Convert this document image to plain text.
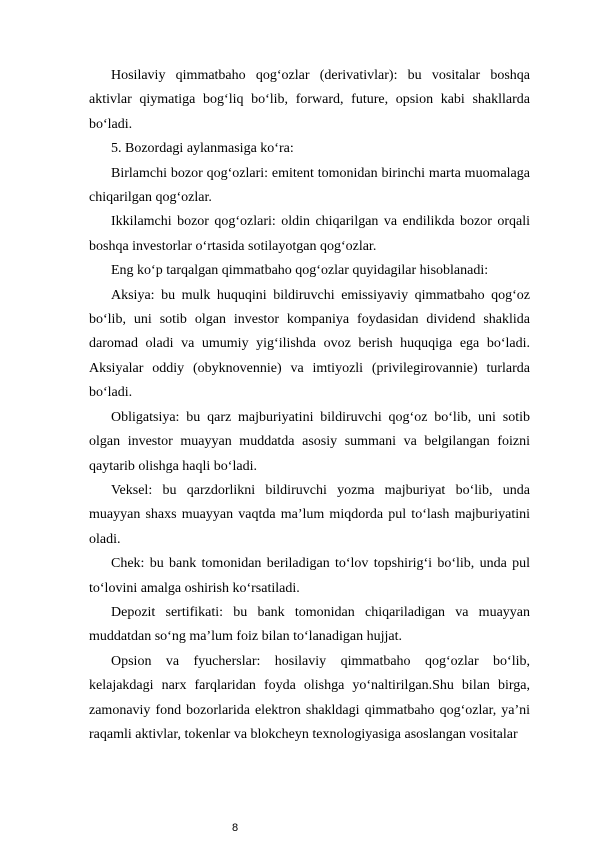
Hosilaviy qimmatbaho qog‘ozlar (derivativlar): bu vositalar boshqa aktivlar qiymatiga bog‘liq bo‘lib, forward, future, opsion kabi shakllarda bo‘ladi.

5. Bozordagi aylanmasiga ko‘ra:

Birlamchi bozor qog‘ozlari: emitent tomonidan birinchi marta muomalaga chiqarilgan qog‘ozlar.

Ikkilamchi bozor qog‘ozlari: oldin chiqarilgan va endilikda bozor orqali boshqa investorlar o‘rtasida sotilayotgan qog‘ozlar.

Eng ko‘p tarqalgan qimmatbaho qog‘ozlar quyidagilar hisoblanadi:

Aksiya: bu mulk huquqini bildiruvchi emissiyaviy qimmatbaho qog‘oz bo‘lib, uni sotib olgan investor kompaniya foydasidan dividend shaklida daromad oladi va umumiy yig‘ilishda ovoz berish huquqiga ega bo‘ladi. Aksiyalar oddiy (obyknovennie) va imtiyozli (privilegirovannie) turlarda bo‘ladi.

Obligatsiya: bu qarz majburiyatini bildiruvchi qog‘oz bo‘lib, uni sotib olgan investor muayyan muddatda asosiy summani va belgilangan foizni qaytarib olishga haqli bo‘ladi.

Veksel: bu qarzdorlikni bildiruvchi yozma majburiyat bo‘lib, unda muayyan shaxs muayyan vaqtda ma’lum miqdorda pul to‘lash majburiyatini oladi.

Chek: bu bank tomonidan beriladigan to‘lov topshirig‘i bo‘lib, unda pul to‘lovini amalga oshirish ko‘rsatiladi.

Depozit sertifikati: bu bank tomonidan chiqariladigan va muayyan muddatdan so‘ng ma’lum foiz bilan to‘lanadigan hujjat.

Opsion va fyucherslar: hosilaviy qimmatbaho qog‘ozlar bo‘lib, kelajakdagi narx farqlaridan foyda olishga yo‘naltirilgan.Shu bilan birga, zamonaviy fond bozorlarida elektron shakldagi qimmatbaho qog‘ozlar, ya’ni raqamli aktivlar, tokenlar va blokcheyn texnologiyasiga asoslangan vositalar

8
